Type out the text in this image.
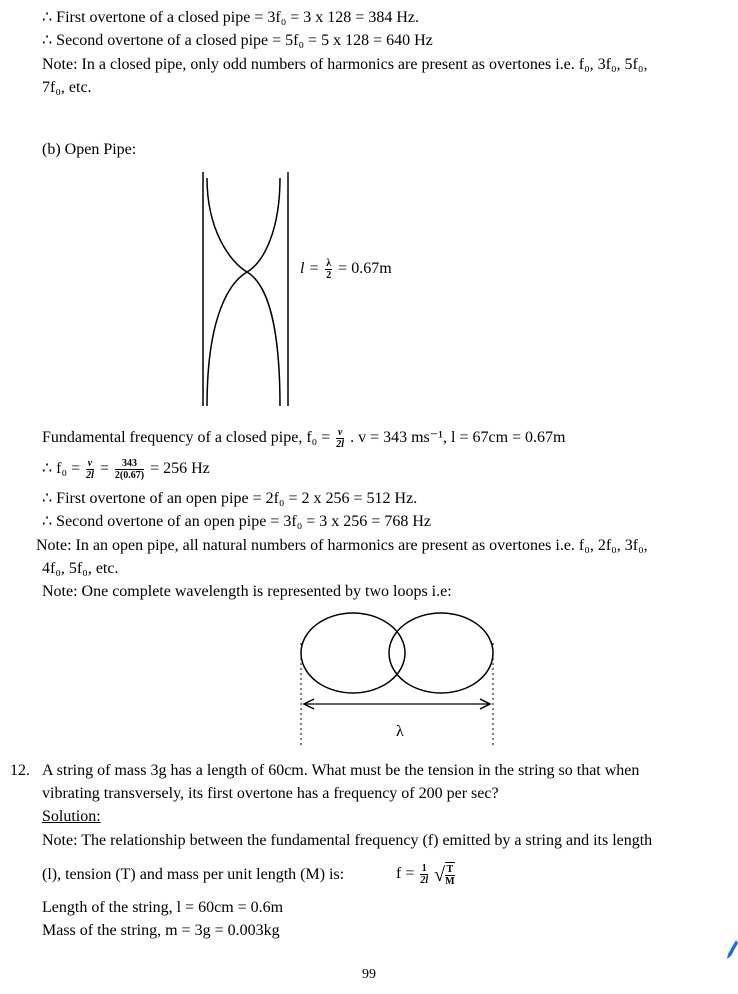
∴ First overtone of a closed pipe = 3f₀ = 3 x 128 = 384 Hz.
∴ Second overtone of a closed pipe = 5f₀ = 5 x 128 = 640 Hz
Note: In a closed pipe, only odd numbers of harmonics are present as overtones i.e. f₀, 3f₀, 5f₀,
7f₀, etc.
(b) Open Pipe:
$l = \frac{\lambda}{2} = 0.67m$
Fundamental frequency of a closed pipe, $f_0 = \frac{v}{2l}$ . v = 343 ms⁻¹, l = 67cm = 0.67m
∴ $f_0 = \frac{v}{2l} = \frac{343}{2(0.67)} = 256$ Hz
∴ First overtone of an open pipe = 2f₀ = 2 x 256 = 512 Hz.
∴ Second overtone of an open pipe = 3f₀ = 3 x 256 = 768 Hz
Note: In an open pipe, all natural numbers of harmonics are present as overtones i.e. f₀, 2f₀, 3f₀,
4f₀, 5f₀, etc.
Note: One complete wavelength is represented by two loops i.e:
λ
12. A string of mass 3g has a length of 60cm. What must be the tension in the string so that when
vibrating transversely, its first overtone has a frequency of 200 per sec?
Solution:
Note: The relationship between the fundamental frequency (f) emitted by a string and its length
(l), tension (T) and mass per unit length (M) is:	$f = \frac{1}{2l}$ √ $\frac{T}{M}$
Length of the string, l = 60cm = 0.6m
Mass of the string, m = 3g = 0.003kg
99
